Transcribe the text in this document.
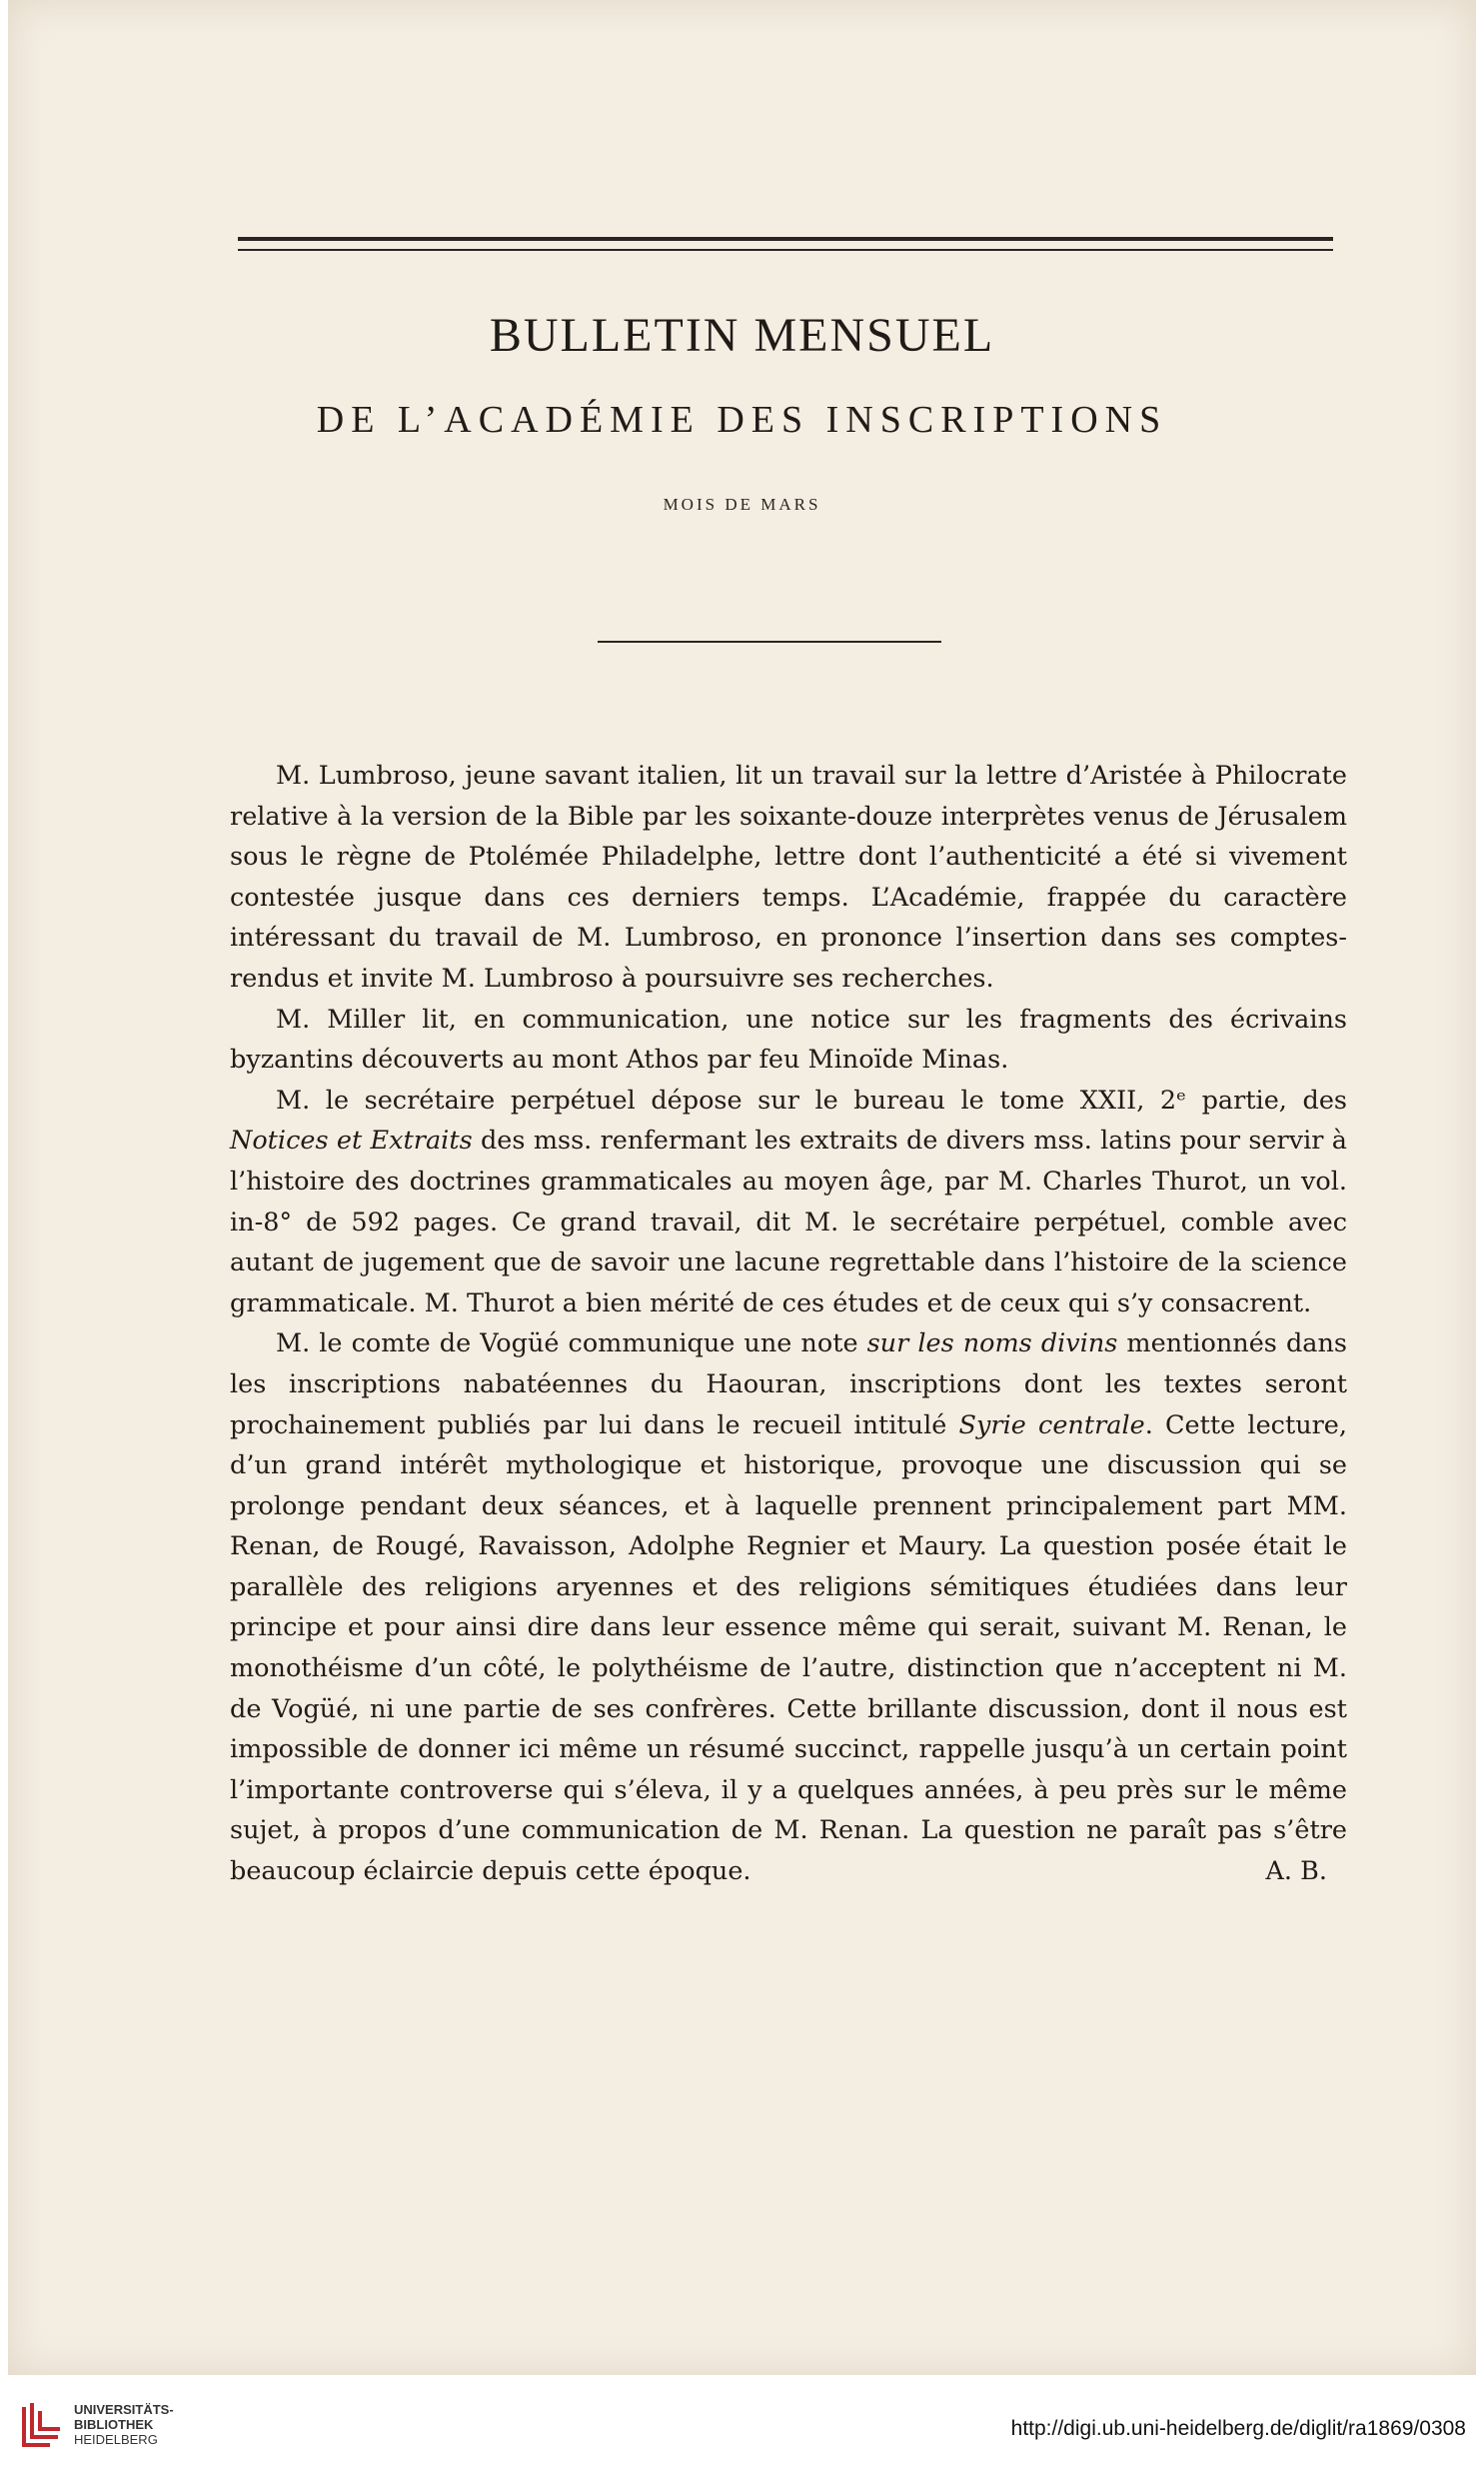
BULLETIN MENSUEL
DE L’ACADÉMIE DES INSCRIPTIONS
MOIS DE MARS

M. Lumbroso, jeune savant italien, lit un travail sur la lettre d’Aristée à Philocrate relative à la version de la Bible par les soixante-douze interprètes venus de Jérusalem sous le règne de Ptolémée Philadelphe, lettre dont l’authenticité a été si vivement contestée jusque dans ces derniers temps. L’Académie, frappée du caractère intéressant du travail de M. Lumbroso, en prononce l’insertion dans ses comptes-rendus et invite M. Lumbroso à poursuivre ses recherches.

M. Miller lit, en communication, une notice sur les fragments des écrivains byzantins découverts au mont Athos par feu Minoïde Minas.

M. le secrétaire perpétuel dépose sur le bureau le tome XXII, 2ᵉ partie, des Notices et Extraits des mss. renfermant les extraits de divers mss. latins pour servir à l’histoire des doctrines grammaticales au moyen âge, par M. Charles Thurot, un vol. in-8° de 592 pages. Ce grand travail, dit M. le secrétaire perpétuel, comble avec autant de jugement que de savoir une lacune regrettable dans l’histoire de la science grammaticale. M. Thurot a bien mérité de ces études et de ceux qui s’y consacrent.

M. le comte de Vogüé communique une note sur les noms divins mentionnés dans les inscriptions nabatéennes du Haouran, inscriptions dont les textes seront prochainement publiés par lui dans le recueil intitulé Syrie centrale. Cette lecture, d’un grand intérêt mythologique et historique, provoque une discussion qui se prolonge pendant deux séances, et à laquelle prennent principalement part MM. Renan, de Rougé, Ravaisson, Adolphe Regnier et Maury. La question posée était le parallèle des religions aryennes et des religions sémitiques étudiées dans leur principe et pour ainsi dire dans leur essence même qui serait, suivant M. Renan, le monothéisme d’un côté, le polythéisme de l’autre, distinction que n’acceptent ni M. de Vogüé, ni une partie de ses confrères. Cette brillante discussion, dont il nous est impossible de donner ici même un résumé succinct, rappelle jusqu’à un certain point l’importante controverse qui s’éleva, il y a quelques années, à peu près sur le même sujet, à propos d’une communication de M. Renan. La question ne paraît pas s’être beaucoup éclaircie depuis cette époque.	A. B.

UNIVERSITÄTS-
BIBLIOTHEK
HEIDELBERG	http://digi.ub.uni-heidelberg.de/diglit/ra1869/0308
